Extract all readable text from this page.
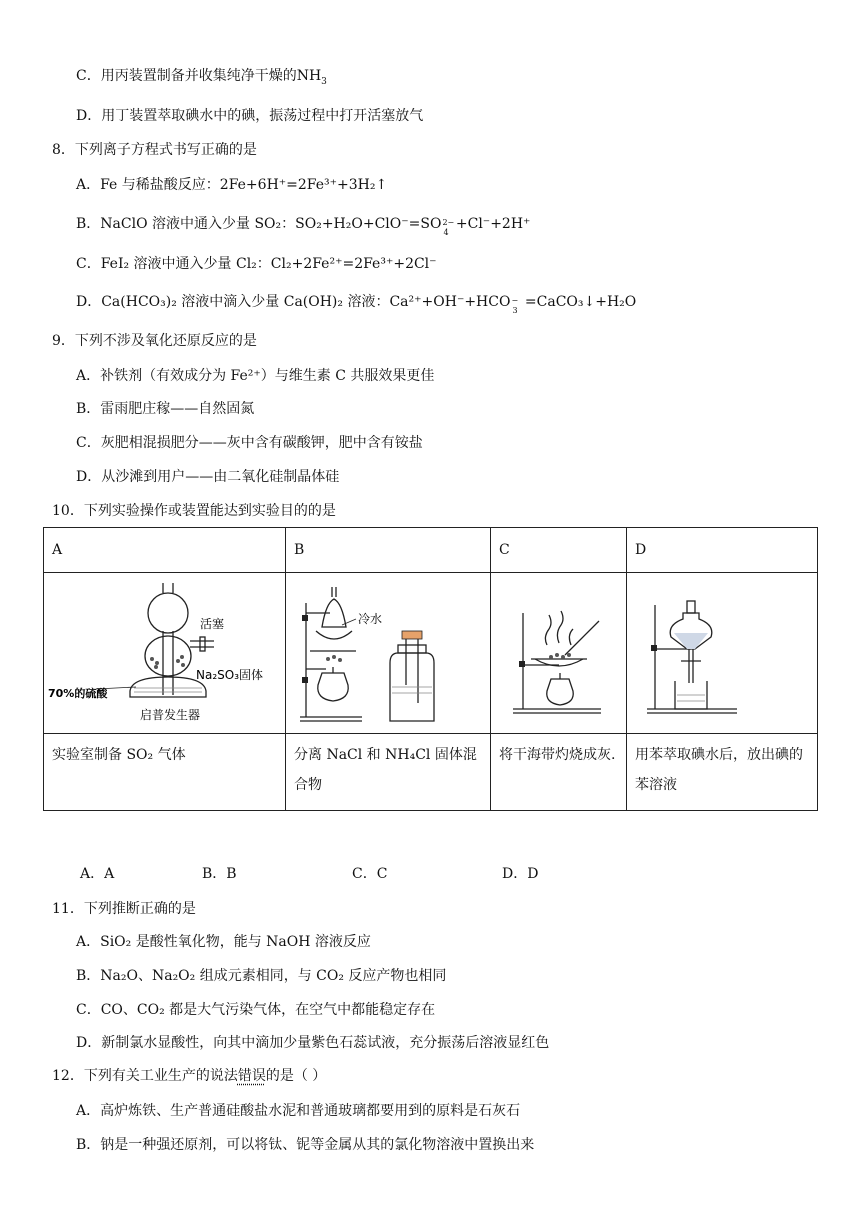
C．用丙装置制备并收集纯净干燥的$NH_3$
D．用丁装置萃取碘水中的碘，振荡过程中打开活塞放气
8．下列离子方程式书写正确的是
A．Fe 与稀盐酸反应：2Fe+6H⁺=2Fe³⁺+3H₂↑
B．NaClO 溶液中通入少量 SO₂：SO₂+H₂O+ClO⁻=SO 2−
4
+Cl⁻+2H⁺
C．FeI₂ 溶液中通入少量 Cl₂：Cl₂+2Fe²⁺=2Fe³⁺+2Cl⁻
D．Ca(HCO₃)₂ 溶液中滴入少量 Ca(OH)₂ 溶液：Ca²⁺+OH⁻+HCO −
3
=CaCO₃↓+H₂O
9．下列不涉及氧化还原反应的是
A．补铁剂（有效成分为 Fe²⁺）与维生素 C 共服效果更佳
B．雷雨肥庄稼——自然固氮
C．灰肥相混损肥分——灰中含有碳酸钾，肥中含有铵盐
D．从沙滩到用户——由二氧化硅制晶体硅
10．下列实验操作或装置能达到实验目的的是
A	B	C	D

活塞
Na₂SO₃固体
70%的硫酸
启普发生器	冷水

实验室制备 SO₂ 气体	分离 NaCl 和 NH₄Cl 固体混合物	将干海带灼烧成灰.	用苯萃取碘水后，放出碘的苯溶液
A．A	B．B	C．C	D．D
11．下列推断正确的是
A．SiO₂ 是酸性氧化物，能与 NaOH 溶液反应
B．Na₂O、Na₂O₂ 组成元素相同，与 CO₂ 反应产物也相同
C．CO、CO₂ 都是大气污染气体，在空气中都能稳定存在
D．新制氯水显酸性，向其中滴加少量紫色石蕊试液，充分振荡后溶液显红色
12．下列有关工业生产的说法错误的是（ ）
A．高炉炼铁、生产普通硅酸盐水泥和普通玻璃都要用到的原料是石灰石
B．钠是一种强还原剂，可以将钛、铌等金属从其的氯化物溶液中置换出来
